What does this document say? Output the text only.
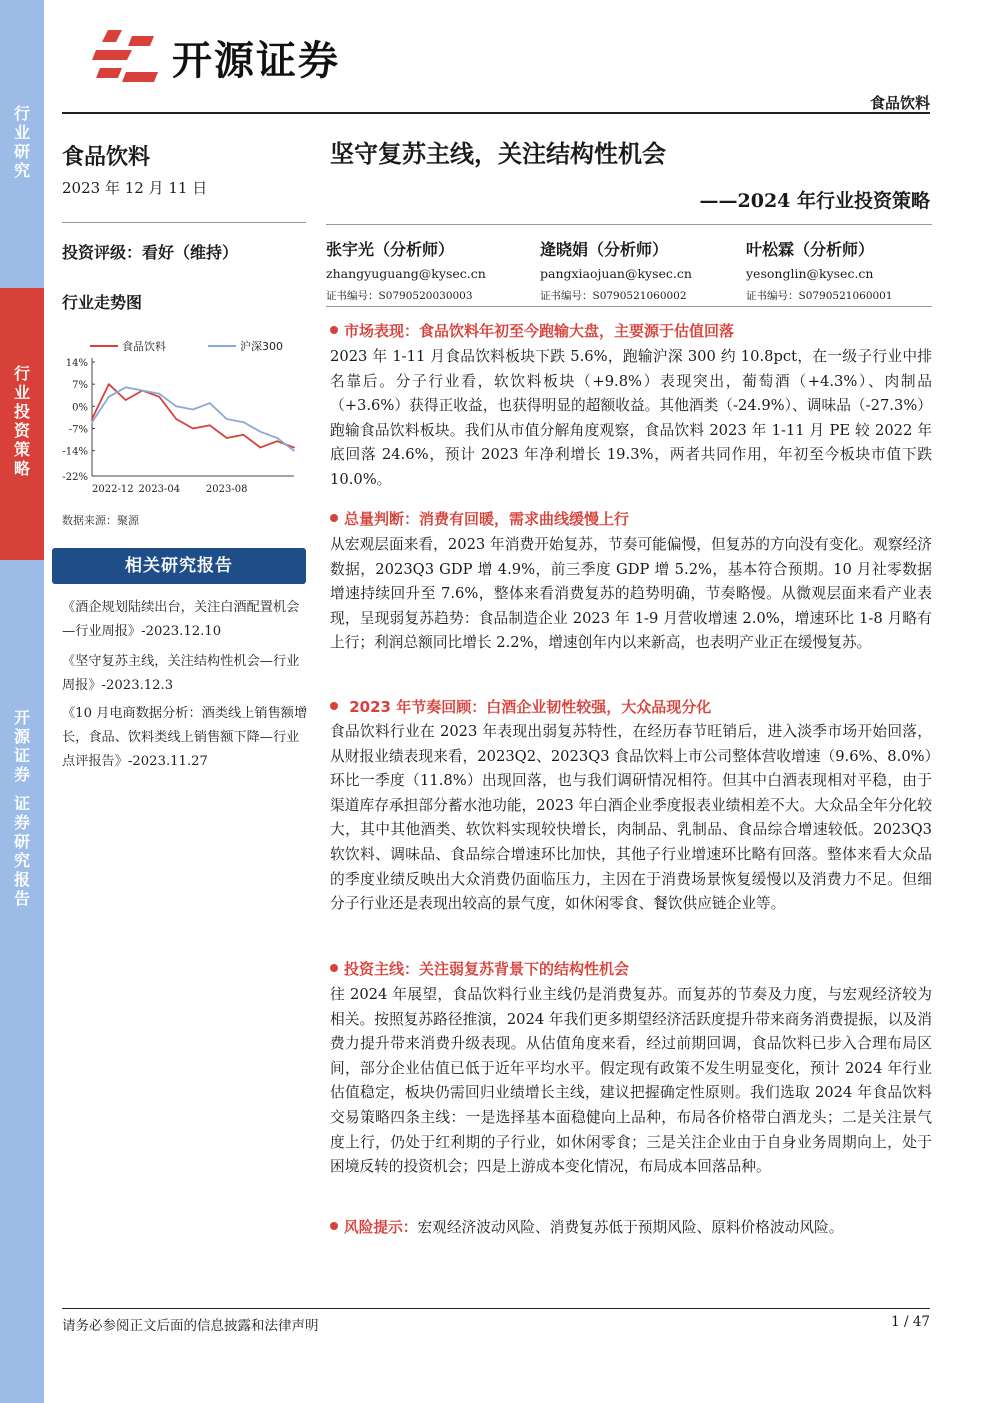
行
业
研
究
行
业
投
资
策
略
开
源
证
券
证
券
研
究
报
告
开源证券
食品饮料
食品饮料
2023 年 12 月 11 日
投资评级：看好（维持）
行业走势图
食品饮料	沪深300
14%
7%
0%
-7%
-14%
-22%
2022-12 2023-04	2023-08
数据来源：聚源
相关研究报告
《酒企规划陆续出台，关注白酒配置机会—行业周报》-2023.12.10
《坚守复苏主线，关注结构性机会—行业周报》-2023.12.3
《10 月电商数据分析：酒类线上销售额增长，食品、饮料类线上销售额下降—行业点评报告》-2023.11.27
坚守复苏主线，关注结构性机会
——2024 年行业投资策略
张宇光（分析师）
zhangyuguang@kysec.cn
证书编号：S0790520030003
逄晓娟（分析师）
pangxiaojuan@kysec.cn
证书编号：S0790521060002
叶松霖（分析师）
yesonglin@kysec.cn
证书编号：S0790521060001
市场表现：食品饮料年初至今跑输大盘，主要源于估值回落
2023 年 1-11 月食品饮料板块下跌 5.6%，跑输沪深 300 约 10.8pct，在一级子行业中排名靠后。分子行业看，软饮料板块（+9.8%）表现突出，葡萄酒（+4.3%）、肉制品（+3.6%）获得正收益，也获得明显的超额收益。其他酒类（-24.9%）、调味品（-27.3%）跑输食品饮料板块。我们从市值分解角度观察，食品饮料 2023 年 1-11 月 PE 较 2022 年底回落 24.6%，预计 2023 年净利增长 19.3%，两者共同作用，年初至今板块市值下跌 10.0%。
总量判断：消费有回暖，需求曲线缓慢上行
从宏观层面来看，2023 年消费开始复苏，节奏可能偏慢，但复苏的方向没有变化。观察经济数据，2023Q3 GDP 增 4.9%，前三季度 GDP 增 5.2%，基本符合预期。10 月社零数据增速持续回升至 7.6%，整体来看消费复苏的趋势明确，节奏略慢。从微观层面来看产业表现，呈现弱复苏趋势：食品制造企业 2023 年 1-9 月营收增速 2.0%，增速环比 1-8 月略有上行；利润总额同比增长 2.2%，增速创年内以来新高，也表明产业正在缓慢复苏。
2023 年节奏回顾：白酒企业韧性较强，大众品现分化
食品饮料行业在 2023 年表现出弱复苏特性，在经历春节旺销后，进入淡季市场开始回落，从财报业绩表现来看，2023Q2、2023Q3 食品饮料上市公司整体营收增速（9.6%、8.0%）环比一季度（11.8%）出现回落，也与我们调研情况相符。但其中白酒表现相对平稳，由于渠道库存承担部分蓄水池功能，2023 年白酒企业季度报表业绩相差不大。大众品全年分化较大，其中其他酒类、软饮料实现较快增长，肉制品、乳制品、食品综合增速较低。2023Q3 软饮料、调味品、食品综合增速环比加快，其他子行业增速环比略有回落。整体来看大众品的季度业绩反映出大众消费仍面临压力，主因在于消费场景恢复缓慢以及消费力不足。但细分子行业还是表现出较高的景气度，如休闲零食、餐饮供应链企业等。
投资主线：关注弱复苏背景下的结构性机会
往 2024 年展望，食品饮料行业主线仍是消费复苏。而复苏的节奏及力度，与宏观经济较为相关。按照复苏路径推演，2024 年我们更多期望经济活跃度提升带来商务消费提振，以及消费力提升带来消费升级表现。从估值角度来看，经过前期回调，食品饮料已步入合理布局区间，部分企业估值已低于近年平均水平。假定现有政策不发生明显变化，预计 2024 年行业估值稳定，板块仍需回归业绩增长主线，建议把握确定性原则。我们选取 2024 年食品饮料交易策略四条主线：一是选择基本面稳健向上品种，布局各价格带白酒龙头；二是关注景气度上行，仍处于红利期的子行业，如休闲零食；三是关注企业由于自身业务周期向上，处于困境反转的投资机会；四是上游成本变化情况，布局成本回落品种。
风险提示：宏观经济波动风险、消费复苏低于预期风险、原料价格波动风险。
请务必参阅正文后面的信息披露和法律声明	1 / 47
